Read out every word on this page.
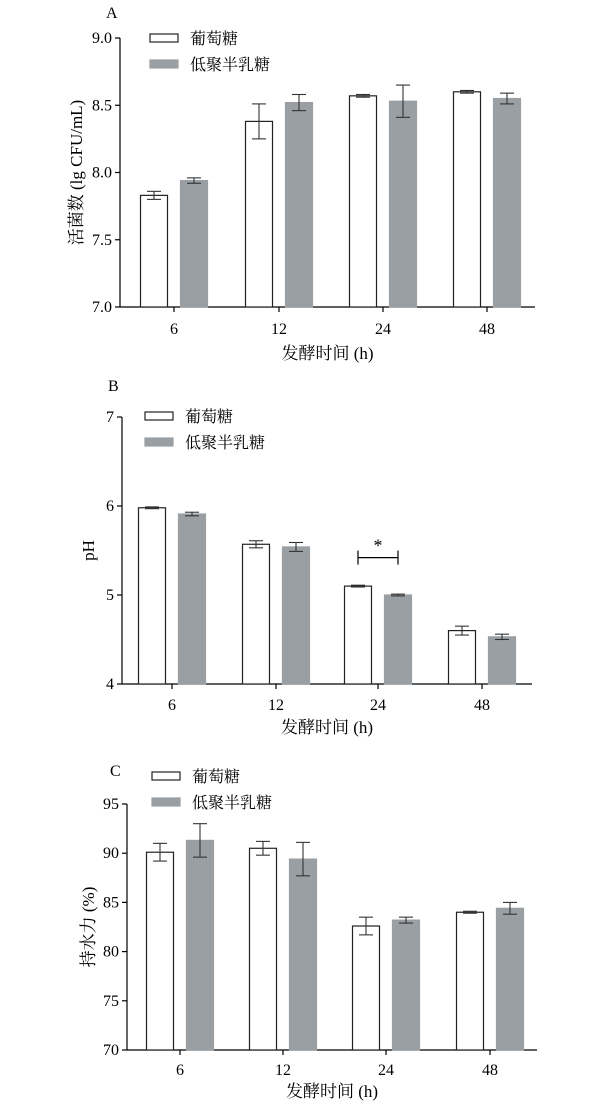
A
7.0
7.5
8.0
8.5
9.0
6	12	24	48
葡萄糖
低聚半乳糖
发酵时间 (h)
活菌数 (lg CFU/mL)
B
4
5
6
7
6	12	24	48
*
葡萄糖
低聚半乳糖
发酵时间 (h)
pH
C
70
75
80
85
90
95
6	12	24	48
葡萄糖
低聚半乳糖
发酵时间 (h)
持水力 (%)
